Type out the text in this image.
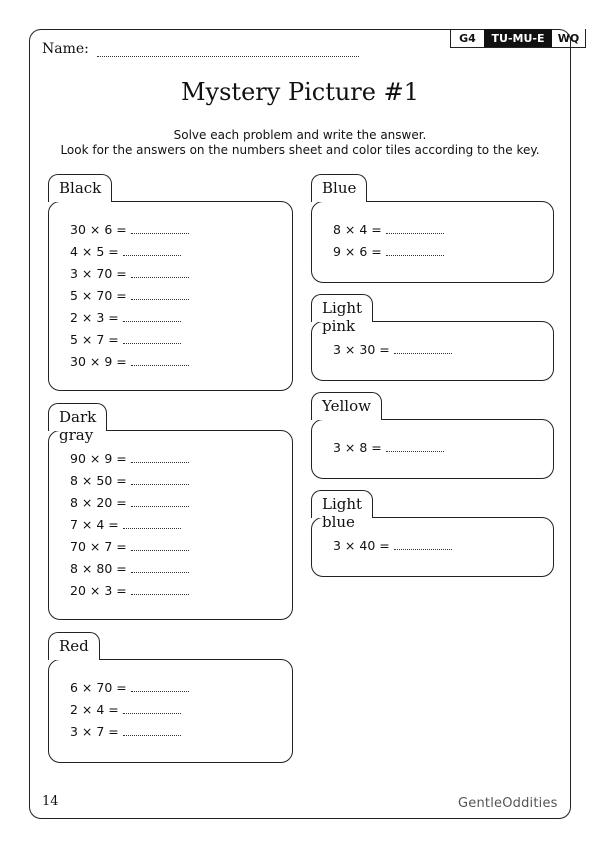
G4	TU-MU-E	WQ
Name:
Mystery Picture #1
Solve each problem and write the answer.
Look for the answers on the numbers sheet and color tiles according to the key.
Black
30 × 6 =
4 × 5 =
3 × 70 =
5 × 70 =
2 × 3 =
5 × 7 =
30 × 9 =
Dark gray
90 × 9 =
8 × 50 =
8 × 20 =
7 × 4 =
70 × 7 =
8 × 80 =
20 × 3 =
Red
6 × 70 =
2 × 4 =
3 × 7 =
Blue
8 × 4 =
9 × 6 =
Light pink
3 × 30 =
Yellow
3 × 8 =
Light blue
3 × 40 =
14	GentleOddities
